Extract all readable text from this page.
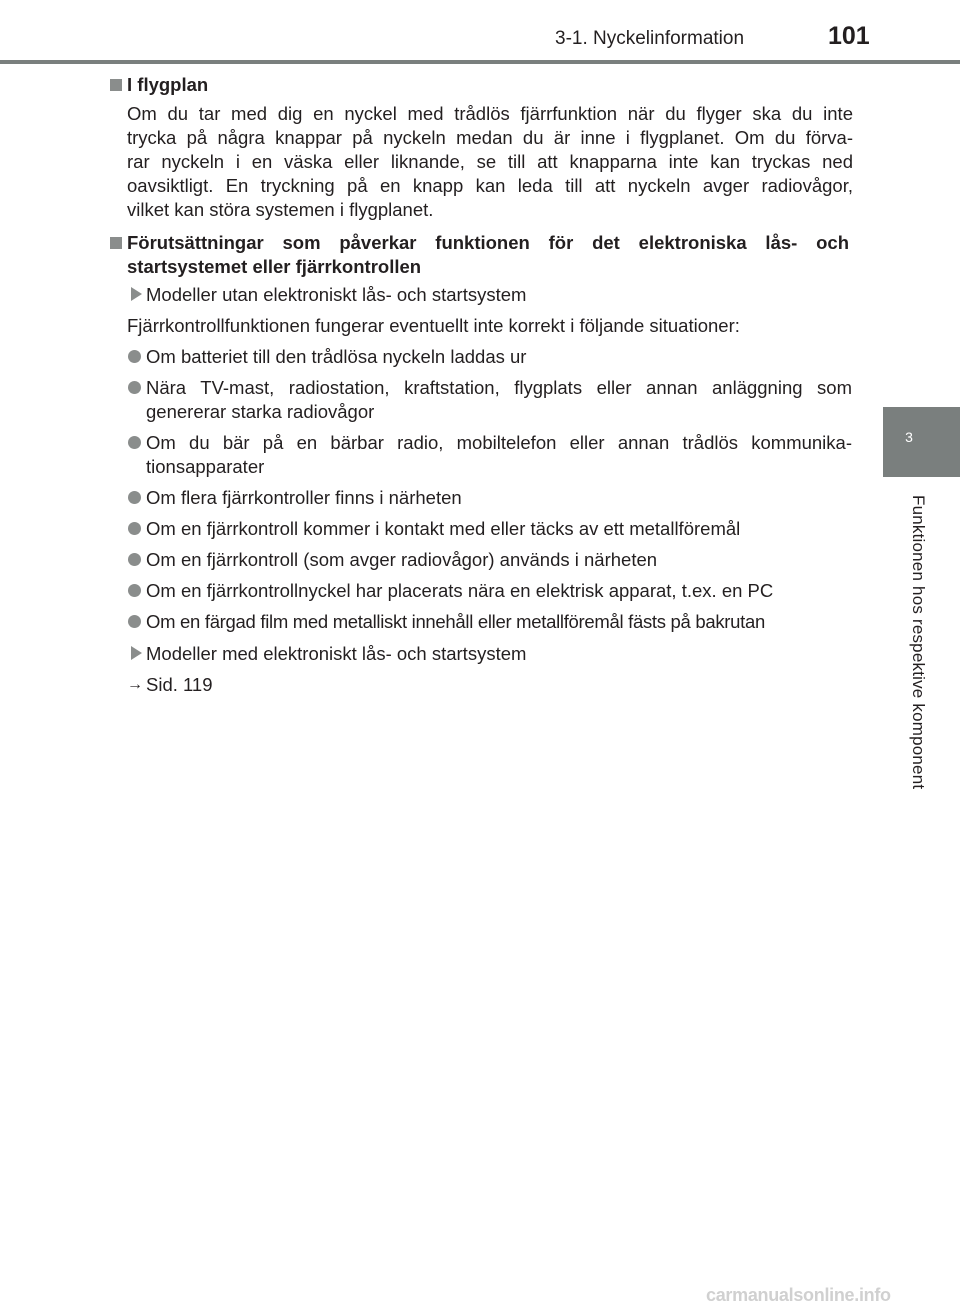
3-1. Nyckelinformation	101
3
Funktionen hos respektive komponent
I flygplan
Om du tar med dig en nyckel med trådlös fjärrfunktion när du flyger ska du inte
trycka på några knappar på nyckeln medan du är inne i flygplanet. Om du förva-
rar nyckeln i en väska eller liknande, se till att knapparna inte kan tryckas ned
oavsiktligt. En tryckning på en knapp kan leda till att nyckeln avger radiovågor,
vilket kan störa systemen i flygplanet.
Förutsättningar som påverkar funktionen för det elektroniska lås- och
startsystemet eller fjärrkontrollen
Modeller utan elektroniskt lås- och startsystem
Fjärrkontrollfunktionen fungerar eventuellt inte korrekt i följande situationer:
Om batteriet till den trådlösa nyckeln laddas ur
Nära TV-mast, radiostation, kraftstation, flygplats eller annan anläggning som
genererar starka radiovågor
Om du bär på en bärbar radio, mobiltelefon eller annan trådlös kommunika-
tionsapparater
Om flera fjärrkontroller finns i närheten
Om en fjärrkontroll kommer i kontakt med eller täcks av ett metallföremål
Om en fjärrkontroll (som avger radiovågor) används i närheten
Om en fjärrkontrollnyckel har placerats nära en elektrisk apparat, t.ex. en PC
Om en färgad film med metalliskt innehåll eller metallföremål fästs på bakrutan
Modeller med elektroniskt lås- och startsystem
→ Sid. 119
carmanualsonline.info
